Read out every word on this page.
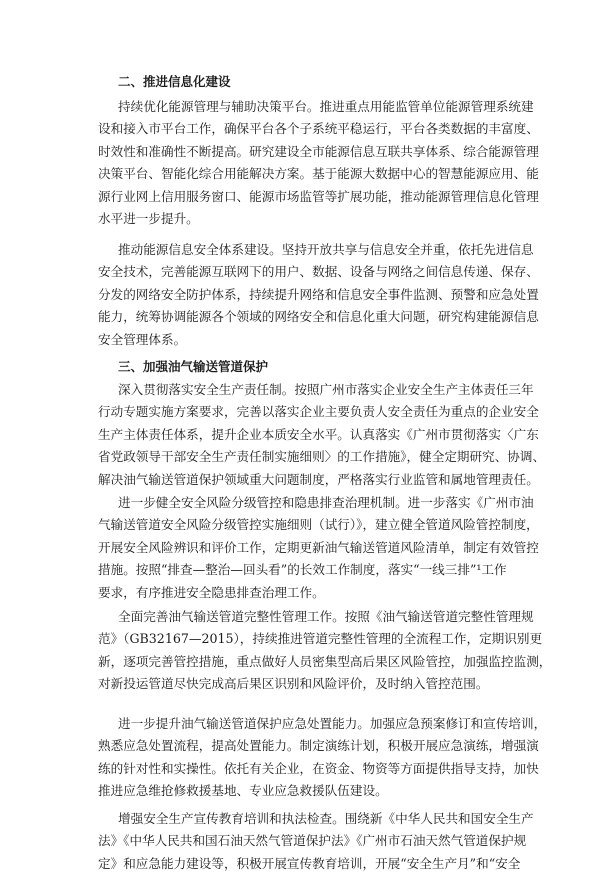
二、推进信息化建设
持续优化能源管理与辅助决策平台。推进重点用能监管单位能源管理系统建
设和接入市平台工作，确保平台各个子系统平稳运行，平台各类数据的丰富度、
时效性和准确性不断提高。研究建设全市能源信息互联共享体系、综合能源管理
决策平台、智能化综合用能解决方案。基于能源大数据中心的智慧能源应用、能
源行业网上信用服务窗口、能源市场监管等扩展功能，推动能源管理信息化管理
水平进一步提升。
推动能源信息安全体系建设。坚持开放共享与信息安全并重，依托先进信息
安全技术，完善能源互联网下的用户、数据、设备与网络之间信息传递、保存、
分发的网络安全防护体系，持续提升网络和信息安全事件监测、预警和应急处置
能力，统筹协调能源各个领域的网络安全和信息化重大问题，研究构建能源信息
安全管理体系。
三、加强油气输送管道保护
深入贯彻落实安全生产责任制。按照广州市落实企业安全生产主体责任三年
行动专题实施方案要求，完善以落实企业主要负责人安全责任为重点的企业安全
生产主体责任体系，提升企业本质安全水平。认真落实《广州市贯彻落实〈广东
省党政领导干部安全生产责任制实施细则〉的工作措施》，健全定期研究、协调、
解决油气输送管道保护领域重大问题制度，严格落实行业监管和属地管理责任。
进一步健全安全风险分级管控和隐患排查治理机制。进一步落实《广州市油
气输送管道安全风险分级管控实施细则（试行）》，建立健全管道风险管控制度，
开展安全风险辨识和评价工作，定期更新油气输送管道风险清单，制定有效管控
措施。按照“排查—整治—回头看”的长效工作制度，落实“一线三排”¹工作
要求，有序推进安全隐患排查治理工作。
全面完善油气输送管道完整性管理工作。按照《油气输送管道完整性管理规
范》（GB32167—2015），持续推进管道完整性管理的全流程工作，定期识别更
新，逐项完善管控措施，重点做好人员密集型高后果区风险管控，加强监控监测，
对新投运管道尽快完成高后果区识别和风险评价，及时纳入管控范围。
进一步提升油气输送管道保护应急处置能力。加强应急预案修订和宣传培训，
熟悉应急处置流程，提高处置能力。制定演练计划，积极开展应急演练，增强演
练的针对性和实操性。依托有关企业，在资金、物资等方面提供指导支持，加快
推进应急维抢修救援基地、专业应急救援队伍建设。
增强安全生产宣传教育培训和执法检查。围绕新《中华人民共和国安全生产
法》《中华人民共和国石油天然气管道保护法》《广州市石油天然气管道保护规
定》和应急能力建设等，积极开展宣传教育培训，开展“安全生产月”和“安全
